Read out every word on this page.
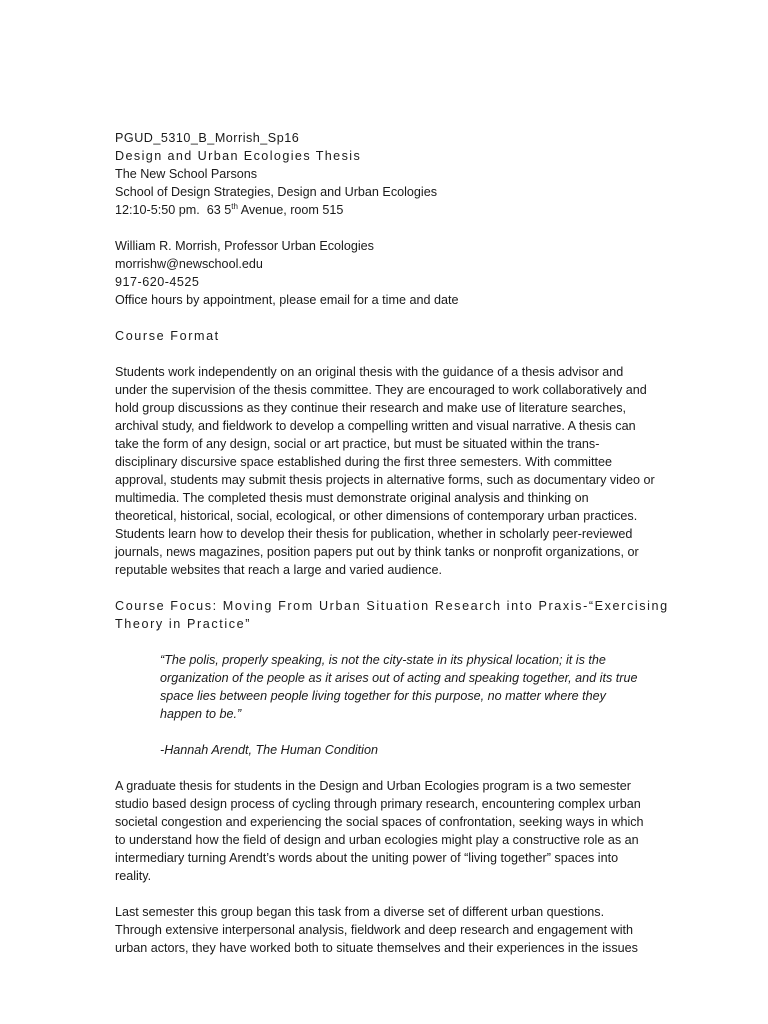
PGUD_5310_B_Morrish_Sp16
Design and Urban Ecologies Thesis
The New School Parsons
School of Design Strategies, Design and Urban Ecologies
12:10-5:50 pm. 63 5th Avenue, room 515
William R. Morrish, Professor Urban Ecologies
morrishw@newschool.edu
917-620-4525
Office hours by appointment, please email for a time and date
Course Format
Students work independently on an original thesis with the guidance of a thesis advisor and
under the supervision of the thesis committee. They are encouraged to work collaboratively and
hold group discussions as they continue their research and make use of literature searches,
archival study, and fieldwork to develop a compelling written and visual narrative. A thesis can
take the form of any design, social or art practice, but must be situated within the trans-
disciplinary discursive space established during the first three semesters. With committee
approval, students may submit thesis projects in alternative forms, such as documentary video or
multimedia. The completed thesis must demonstrate original analysis and thinking on
theoretical, historical, social, ecological, or other dimensions of contemporary urban practices.
Students learn how to develop their thesis for publication, whether in scholarly peer-reviewed
journals, news magazines, position papers put out by think tanks or nonprofit organizations, or
reputable websites that reach a large and varied audience.
Course Focus: Moving From Urban Situation Research into Praxis-“Exercising
Theory in Practice”
“The polis, properly speaking, is not the city-state in its physical location; it is the
organization of the people as it arises out of acting and speaking together, and its true
space lies between people living together for this purpose, no matter where they
happen to be.”
-Hannah Arendt, The Human Condition
A graduate thesis for students in the Design and Urban Ecologies program is a two semester
studio based design process of cycling through primary research, encountering complex urban
societal congestion and experiencing the social spaces of confrontation, seeking ways in which
to understand how the field of design and urban ecologies might play a constructive role as an
intermediary turning Arendt’s words about the uniting power of “living together” spaces into
reality.
Last semester this group began this task from a diverse set of different urban questions.
Through extensive interpersonal analysis, fieldwork and deep research and engagement with
urban actors, they have worked both to situate themselves and their experiences in the issues
